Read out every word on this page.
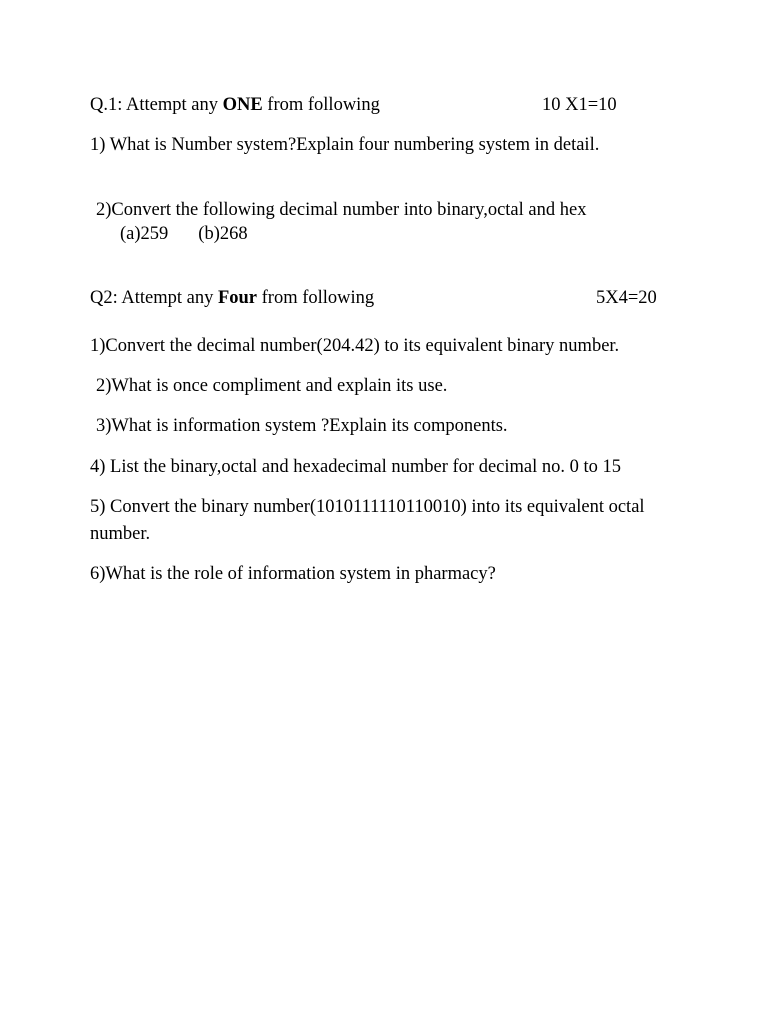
Q.1: Attempt any ONE from following	10 X1=10
1) What is Number system?Explain four numbering system in detail.
2)Convert the following decimal number into binary,octal and hex
(a)259 (b)268
Q2: Attempt any Four from following	5X4=20
1)Convert the decimal number(204.42) to its equivalent binary number.
2)What is once compliment and explain its use.
3)What is information system ?Explain its components.
4) List the binary,octal and hexadecimal number for decimal no. 0 to 15
5) Convert the binary number(1010111110110010) into its equivalent octal number.
6)What is the role of information system in pharmacy?
